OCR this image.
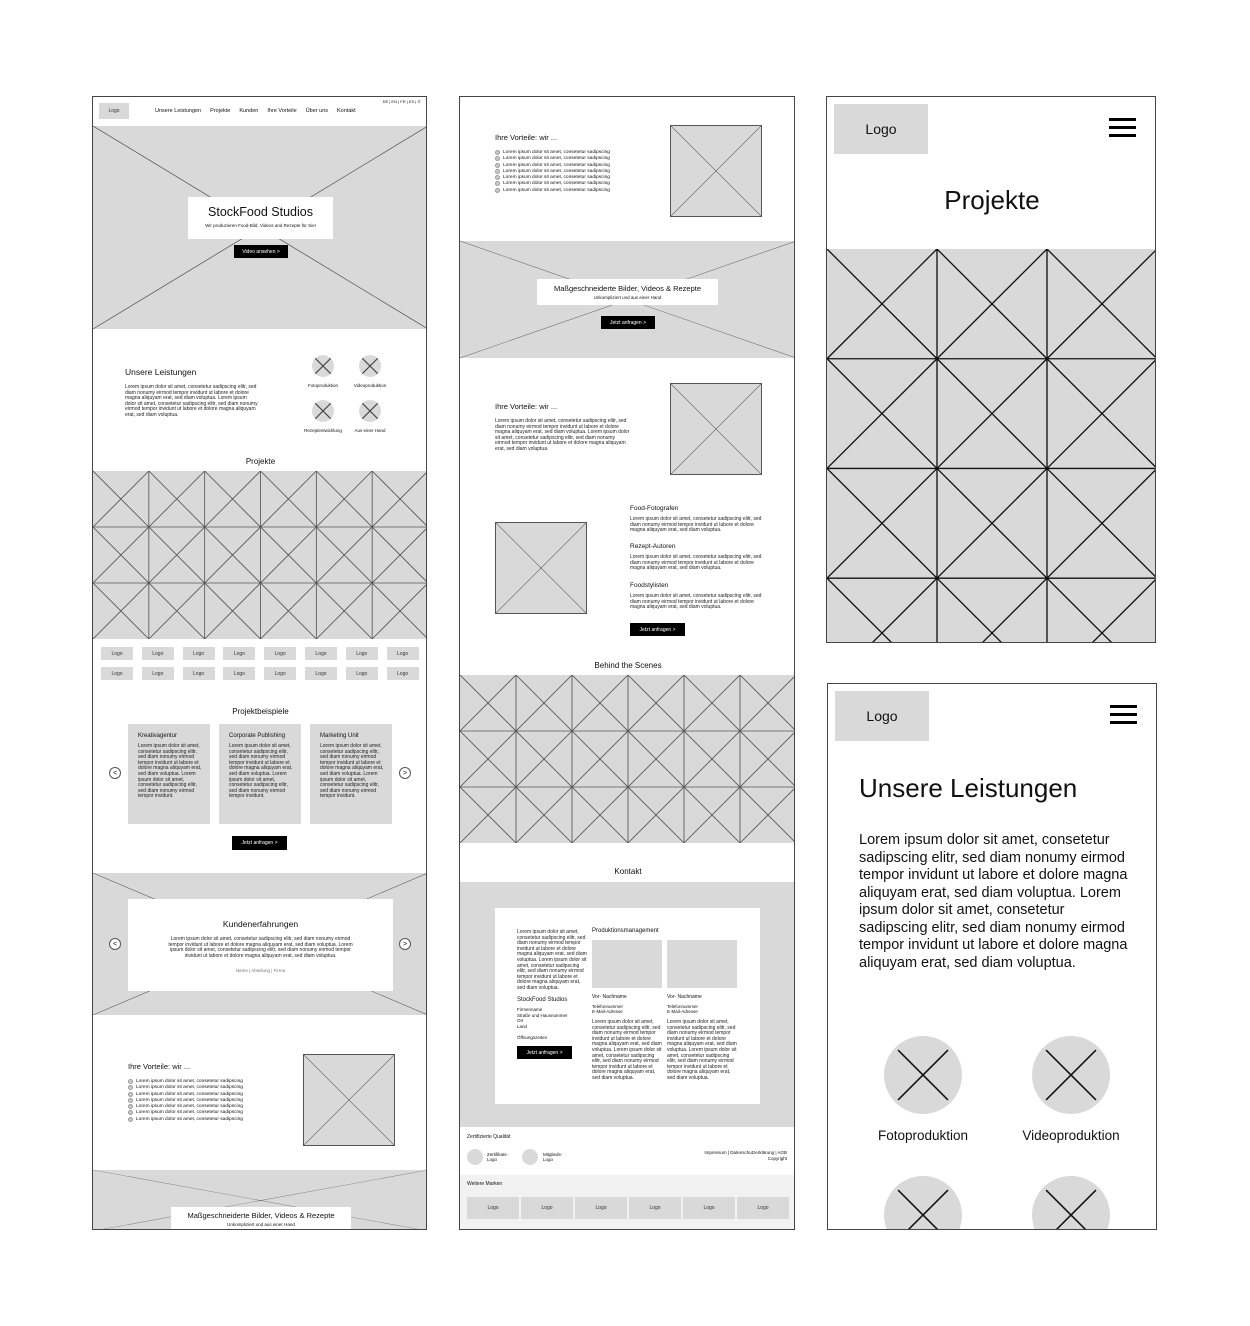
Logo	Unsere Leistungen Projekte Kunden Ihre Vorteile Über uns Kontakt
DE | EN | FR | ES | IT
StockFood Studios
Wir produzieren Food-Bild, Videos and Rezepte für Sie!
Video ansehen >
Unsere Leistungen
Lorem ipsum dolor sit amet, consetetur sadipscing elitr, sed diam nonumy eirmod tempor invidunt ut labore et dolore magna aliquyam erat, sed diam voluptua. Lorem ipsum dolor sit amet, consetetur sadipscing elitr, sed diam nonumy eirmod tempor invidunt ut labore et dolore magna aliquyam erat, sed diam voluptua.
Fotoproduktion	Videoproduktion
Rezeptentwicklung	Aus einer Hand
Projekte
Logo	Logo	Logo	Logo	Logo	Logo	Logo	Logo
Logo	Logo	Logo	Logo	Logo	Logo	Logo	Logo
Projektbeispiele
<	>
Kreativagentur
Lorem ipsum dolor sit amet, consetetur sadipscing elitr, sed diam nonumy eirmod tempor invidunt ut labore et dolore magna aliquyam erat, sed diam voluptua. Lorem ipsum dolor sit amet, consetetur sadipscing elitr, sed diam nonumy eirmod tempor invidunt.
Corporate Publishing
Lorem ipsum dolor sit amet, consetetur sadipscing elitr, sed diam nonumy eirmod tempor invidunt ut labore et dolore magna aliquyam erat, sed diam voluptua. Lorem ipsum dolor sit amet, consetetur sadipscing elitr, sed diam nonumy eirmod tempor invidunt.
Marketing Unit
Lorem ipsum dolor sit amet, consetetur sadipscing elitr, sed diam nonumy eirmod tempor invidunt ut labore et dolore magna aliquyam erat, sed diam voluptua. Lorem ipsum dolor sit amet, consetetur sadipscing elitr, sed diam nonumy eirmod tempor invidunt.
Jetzt anfragen >
Kundenerfahrungen
Lorem ipsum dolor sit amet, consetetur sadipscing elitr, sed diam nonumy eirmod tempor invidunt ut labore et dolore magna aliquyam erat, sed diam voluptua. Lorem ipsum dolor sit amet, consetetur sadipscing elitr, sed diam nonumy eirmod tempor invidunt ut labore et dolore magna aliquyam erat, sed diam voluptua.
Name | Abteilung | Firma
<	>
Ihre Vorteile: wir ...
Lorem ipsum dolor sit amet, consetetur sadipscing
Lorem ipsum dolor sit amet, consetetur sadipscing
Lorem ipsum dolor sit amet, consetetur sadipscing
Lorem ipsum dolor sit amet, consetetur sadipscing
Lorem ipsum dolor sit amet, consetetur sadipscing
Lorem ipsum dolor sit amet, consetetur sadipscing
Lorem ipsum dolor sit amet, consetetur sadipscing
Maßgeschneiderte Bilder, Videos & Rezepte
Unkompliziert und aus einer Hand
Ihre Vorteile: wir ...
Lorem ipsum dolor sit amet, consetetur sadipscing
Lorem ipsum dolor sit amet, consetetur sadipscing
Lorem ipsum dolor sit amet, consetetur sadipscing
Lorem ipsum dolor sit amet, consetetur sadipscing
Lorem ipsum dolor sit amet, consetetur sadipscing
Lorem ipsum dolor sit amet, consetetur sadipscing
Lorem ipsum dolor sit amet, consetetur sadipscing
Maßgeschneiderte Bilder, Videos & Rezepte
Unkompliziert und aus einer Hand
Jetzt anfragen >
Ihre Vorteile: wir ...
Lorem ipsum dolor sit amet, consetetur sadipscing elitr, sed diam nonumy eirmod tempor invidunt ut labore et dolore magna aliquyam erat, sed diam voluptua. Lorem ipsum dolor sit amet, consetetur sadipscing elitr, sed diam nonumy eirmod tempor invidunt ut labore et dolore magna aliquyam erat, sed diam voluptua.
Food-Fotografen
Lorem ipsum dolor sit amet, consetetur sadipscing elitr, sed diam nonumy eirmod tempor invidunt ut labore et dolore magna aliquyam erat, sed diam voluptua.
Rezept-Autoren
Lorem ipsum dolor sit amet, consetetur sadipscing elitr, sed diam nonumy eirmod tempor invidunt ut labore et dolore magna aliquyam erat, sed diam voluptua.
Foodstylisten
Lorem ipsum dolor sit amet, consetetur sadipscing elitr, sed diam nonumy eirmod tempor invidunt ut labore et dolore magna aliquyam erat, sed diam voluptua.
Jetzt anfragen >
Behind the Scenes
Kontakt
Lorem ipsum dolor sit amet, consetetur sadipscing elitr, sed diam nonumy eirmod tempor invidunt ut labore et dolore magna aliquyam erat, sed diam voluptua. Lorem ipsum dolor sit amet, consetetur sadipscing elitr, sed diam nonumy eirmod tempor invidunt ut labore et dolore magna aliquyam erat, sed diam voluptua.
StockFood Studios
Firmenname
Straße und Hausnummer
Ort
Land
Öffnungszeiten
Jetzt anfragen >
Produktionsmanagement
Vor- Nachname
Telefonnummer
E-Mail-Adresse
Lorem ipsum dolor sit amet, consetetur sadipscing elitr, sed diam nonumy eirmod tempor invidunt ut labore et dolore magna aliquyam erat, sed diam voluptua. Lorem ipsum dolor sit amet, consetetur sadipscing elitr, sed diam nonumy eirmod tempor invidunt ut labore et dolore magna aliquyam erat, sed diam voluptua.
Vor- Nachname
Telefonnummer
E-Mail-Adresse
Lorem ipsum dolor sit amet, consetetur sadipscing elitr, sed diam nonumy eirmod tempor invidunt ut labore et dolore magna aliquyam erat, sed diam voluptua. Lorem ipsum dolor sit amet, consetetur sadipscing elitr, sed diam nonumy eirmod tempor invidunt ut labore et dolore magna aliquyam erat, sed diam voluptua.
Zertifizierte Qualität
Zertifikats-Logo
Mitglieds-Logo
Impressum | Datenschutzerklärung | AGB
Copyright
Weitere Marken
Logo	Logo	Logo	Logo	Logo	Logo
Logo
Projekte
Logo
Unsere Leistungen
Lorem ipsum dolor sit amet, consetetur sadipscing elitr, sed diam nonumy eirmod tempor invidunt ut labore et dolore magna aliquyam erat, sed diam voluptua. Lorem ipsum dolor sit amet, consetetur sadipscing elitr, sed diam nonumy eirmod tempor invidunt ut labore et dolore magna aliquyam erat, sed diam voluptua.
Fotoproduktion	Videoproduktion
